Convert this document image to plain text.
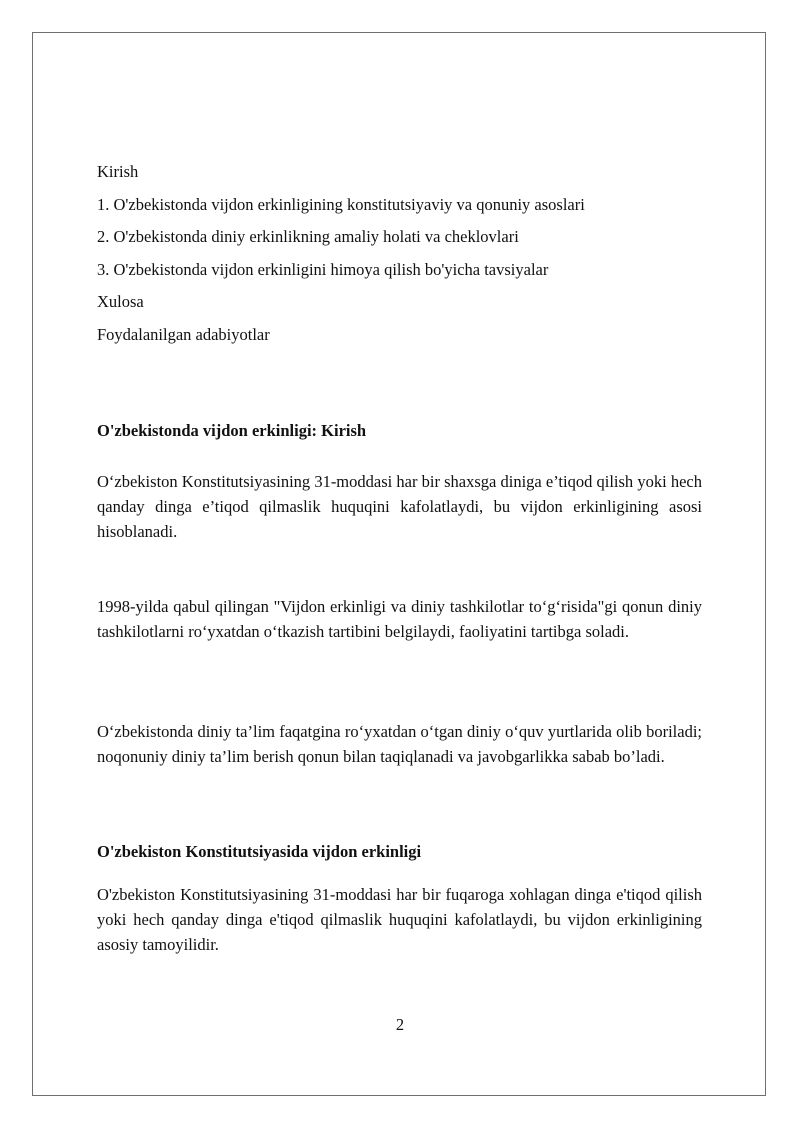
Kirish
1. O'zbekistonda vijdon erkinligining konstitutsiyaviy va qonuniy asoslari
2. O'zbekistonda diniy erkinlikning amaliy holati va cheklovlari
3. O'zbekistonda vijdon erkinligini himoya qilish bo'yicha tavsiyalar
Xulosa
Foydalanilgan adabiyotlar
O'zbekistonda vijdon erkinligi: Kirish
O‘zbekiston Konstitutsiyasining 31-moddasi har bir shaxsga diniga e’tiqod qilish yoki hech qanday dinga e’tiqod qilmaslik huquqini kafolatlaydi, bu vijdon erkinligining asosi hisoblanadi.
1998-yilda qabul qilingan "Vijdon erkinligi va diniy tashkilotlar to‘g‘risida"gi qonun diniy tashkilotlarni ro‘yxatdan o‘tkazish tartibini belgilaydi, faoliyatini tartibga soladi.
O‘zbekistonda diniy ta’lim faqatgina ro‘yxatdan o‘tgan diniy o‘quv yurtlarida olib boriladi; noqonuniy diniy ta’lim berish qonun bilan taqiqlanadi va javobgarlikka sabab bo’ladi.
O'zbekiston Konstitutsiyasida vijdon erkinligi
O'zbekiston Konstitutsiyasining 31-moddasi har bir fuqaroga xohlagan dinga e'tiqod qilish yoki hech qanday dinga e'tiqod qilmaslik huquqini kafolatlaydi, bu vijdon erkinligining asosiy tamoyilidir.
2
